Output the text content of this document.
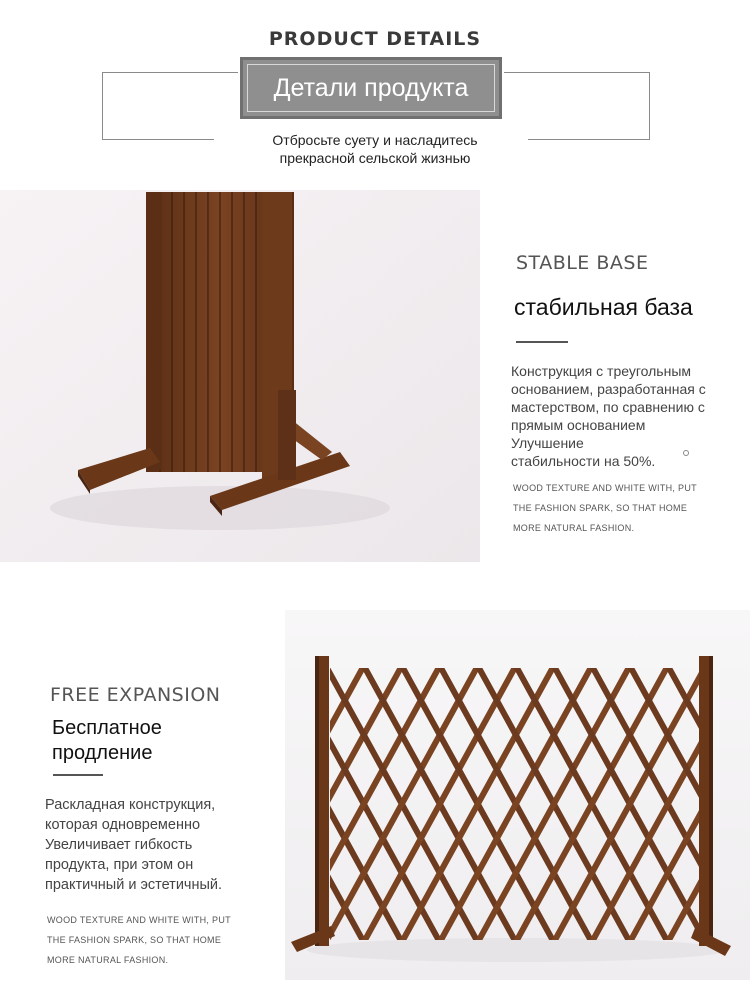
PRODUCT DETAILS
Детали продукта
Отбросьте суету и насладитесь
прекрасной сельской жизнью
STABLE BASE
стабильная база
Конструкция с треугольным
основанием, разработанная с
мастерством, по сравнению с
прямым основанием
Улучшение
стабильности на 50%.
WOOD TEXTURE AND WHITE WITH, PUT
THE FASHION SPARK, SO THAT HOME
MORE NATURAL FASHION.
FREE EXPANSION
Бесплатное
продление
Раскладная конструкция,
которая одновременно
Увеличивает гибкость
продукта, при этом он
практичный и эстетичный.
WOOD TEXTURE AND WHITE WITH, PUT
THE FASHION SPARK, SO THAT HOME
MORE NATURAL FASHION.
